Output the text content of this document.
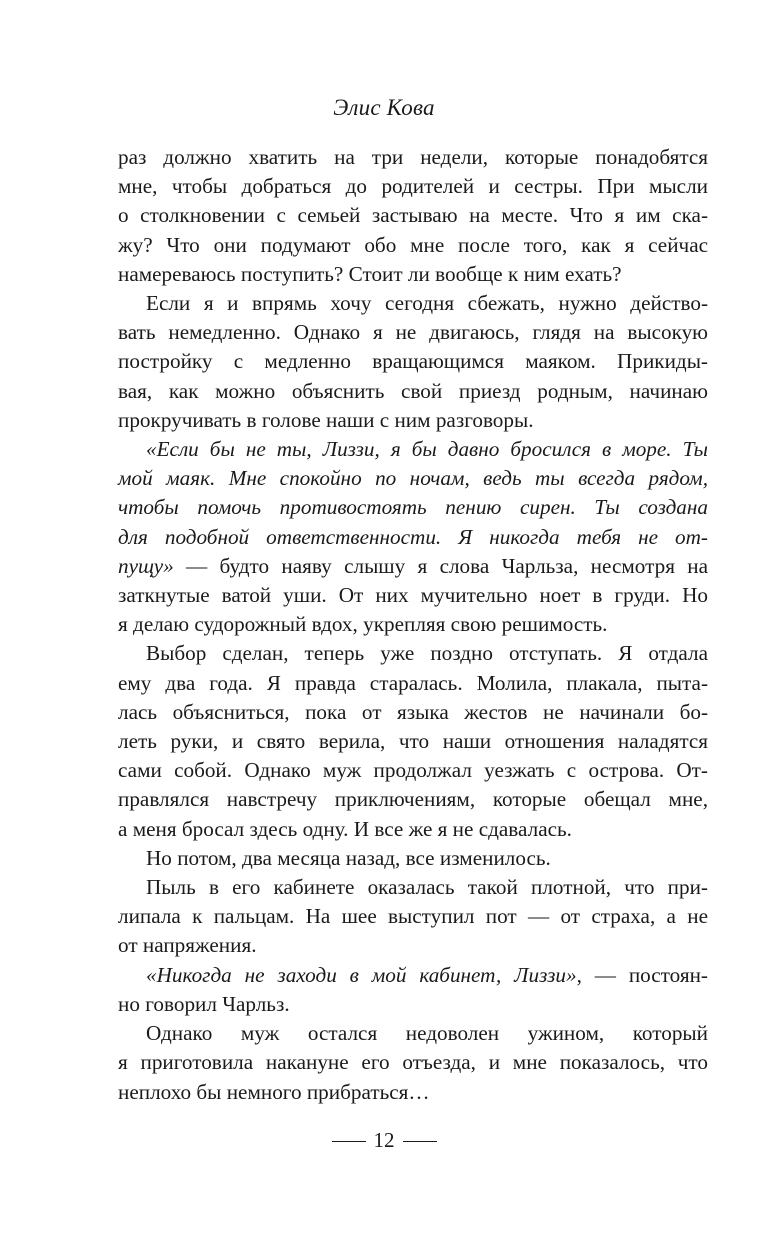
Элис Кова
раз должно хватить на три недели, которые понадобятся
мне, чтобы добраться до родителей и сестры. При мысли
о столкновении с семьей застываю на месте. Что я им ска-
жу? Что они подумают обо мне после того, как я сейчас
намереваюсь поступить? Стоит ли вообще к ним ехать?
Если я и впрямь хочу сегодня сбежать, нужно действо-
вать немедленно. Однако я не двигаюсь, глядя на высокую
постройку с медленно вращающимся маяком. Прикиды-
вая, как можно объяснить свой приезд родным, начинаю
прокручивать в голове наши с ним разговоры.
«Если бы не ты, Лиззи, я бы давно бросился в море. Ты
мой маяк. Мне спокойно по ночам, ведь ты всегда рядом,
чтобы помочь противостоять пению сирен. Ты создана
для подобной ответственности. Я никогда тебя не от-
пущу» — будто наяву слышу я слова Чарльза, несмотря на
заткнутые ватой уши. От них мучительно ноет в груди. Но
я делаю судорожный вдох, укрепляя свою решимость.
Выбор сделан, теперь уже поздно отступать. Я отдала
ему два года. Я правда старалась. Молила, плакала, пыта-
лась объясниться, пока от языка жестов не начинали бо-
леть руки, и свято верила, что наши отношения наладятся
сами собой. Однако муж продолжал уезжать с острова. От-
правлялся навстречу приключениям, которые обещал мне,
а меня бросал здесь одну. И все же я не сдавалась.
Но потом, два месяца назад, все изменилось.
Пыль в его кабинете оказалась такой плотной, что при-
липала к пальцам. На шее выступил пот — от страха, а не
от напряжения.
«Никогда не заходи в мой кабинет, Лиззи», — постоян-
но говорил Чарльз.
Однако муж остался недоволен ужином, который
я приготовила накануне его отъезда, и мне показалось, что
неплохо бы немного прибраться…
12
